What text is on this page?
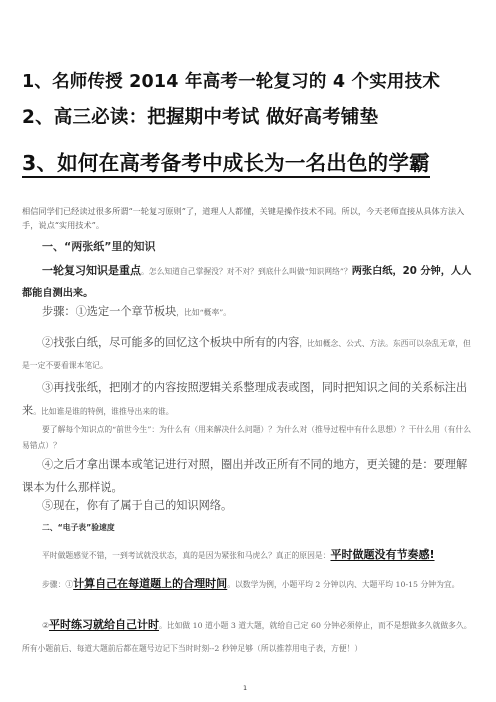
1、名师传授 2014 年高考一轮复习的 4 个实用技术
2、高三必读：把握期中考试 做好高考铺垫
3、如何在高考备考中成长为一名出色的学霸
相信同学们已经读过很多所谓“一轮复习原则”了，道理人人都懂，关键是操作技术不同。所以，今天老师直接从具体方法入手，说点“实用技术”。
一、“两张纸”里的知识
一轮复习知识是重点。怎么知道自己掌握没？对不对？到底什么叫做“知识网络”？两张白纸，20 分钟，人人都能自测出来。
步骤：①选定一个章节板块，比如“概率”。
②找张白纸，尽可能多的回忆这个板块中所有的内容，比如概念、公式、方法。东西可以杂乱无章，但是一定不要看课本笔记。
③再找张纸，把刚才的内容按照逻辑关系整理成表或图，同时把知识之间的关系标注出来。比如谁是谁的特例，谁推导出来的谁。
要了解每个知识点的“前世今生”：为什么有（用来解决什么问题）？为什么对（推导过程中有什么思想）？干什么用（有什么易错点）？
④之后才拿出课本或笔记进行对照，圈出并改正所有不同的地方，更关键的是：要理解课本为什么那样说。
⑤现在，你有了属于自己的知识网络。
二、“电子表”验速度
平时做题感觉不错，一到考试就没状态，真的是因为紧张和马虎么？真正的原因是：平时做题没有节奏感!
步骤：①计算自己在每道题上的合理时间。以数学为例，小题平均 2 分钟以内、大题平均 10-15 分钟为宜。
②平时练习就给自己计时。比如做 10 道小题 3 道大题，就给自己定 60 分钟必须停止，而不是想做多久就做多久。所有小题前后、每道大题前后都在题号边记下当时时刻--2 秒钟足够（所以推荐用电子表，方便！）
1
